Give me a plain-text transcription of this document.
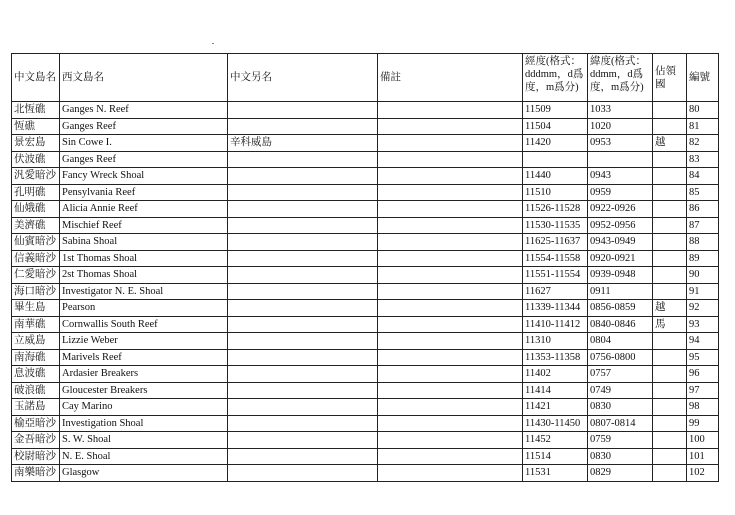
中文島名	西文島名	中文另名	備註	經度(格式：dddmm，d爲度，m爲分)	緯度(格式：ddmm，d爲度，m爲分)	佔領國	編號
北恆礁	Ganges N. Reef			11509	1033		80
恆礁	Ganges Reef			11504	1020		81
景宏島	Sin Cowe I.	辛科威島		11420	0953	越	82
伏波礁	Ganges Reef						83
汎愛暗沙	Fancy Wreck Shoal			11440	0943		84
孔明礁	Pensylvania Reef			11510	0959		85
仙娥礁	Alicia Annie Reef			11526-11528	0922-0926		86
美濟礁	Mischief Reef			11530-11535	0952-0956		87
仙賓暗沙	Sabina Shoal			11625-11637	0943-0949		88
信義暗沙	1st Thomas Shoal			11554-11558	0920-0921		89
仁愛暗沙	2st Thomas Shoal			11551-11554	0939-0948		90
海口暗沙	Investigator N. E. Shoal			11627	0911		91
畢生島	Pearson			11339-11344	0856-0859	越	92
南華礁	Cornwallis South Reef			11410-11412	0840-0846	馬	93
立威島	Lizzie Weber			11310	0804		94
南海礁	Marivels Reef			11353-11358	0756-0800		95
息波礁	Ardasier Breakers			11402	0757		96
破浪礁	Gloucester Breakers			11414	0749		97
玉諾島	Cay Marino			11421	0830		98
榆亞暗沙	Investigation Shoal			11430-11450	0807-0814		99
金吾暗沙	S. W. Shoal			11452	0759		100
校尉暗沙	N. E. Shoal			11514	0830		101
南樂暗沙	Glasgow			11531	0829		102
